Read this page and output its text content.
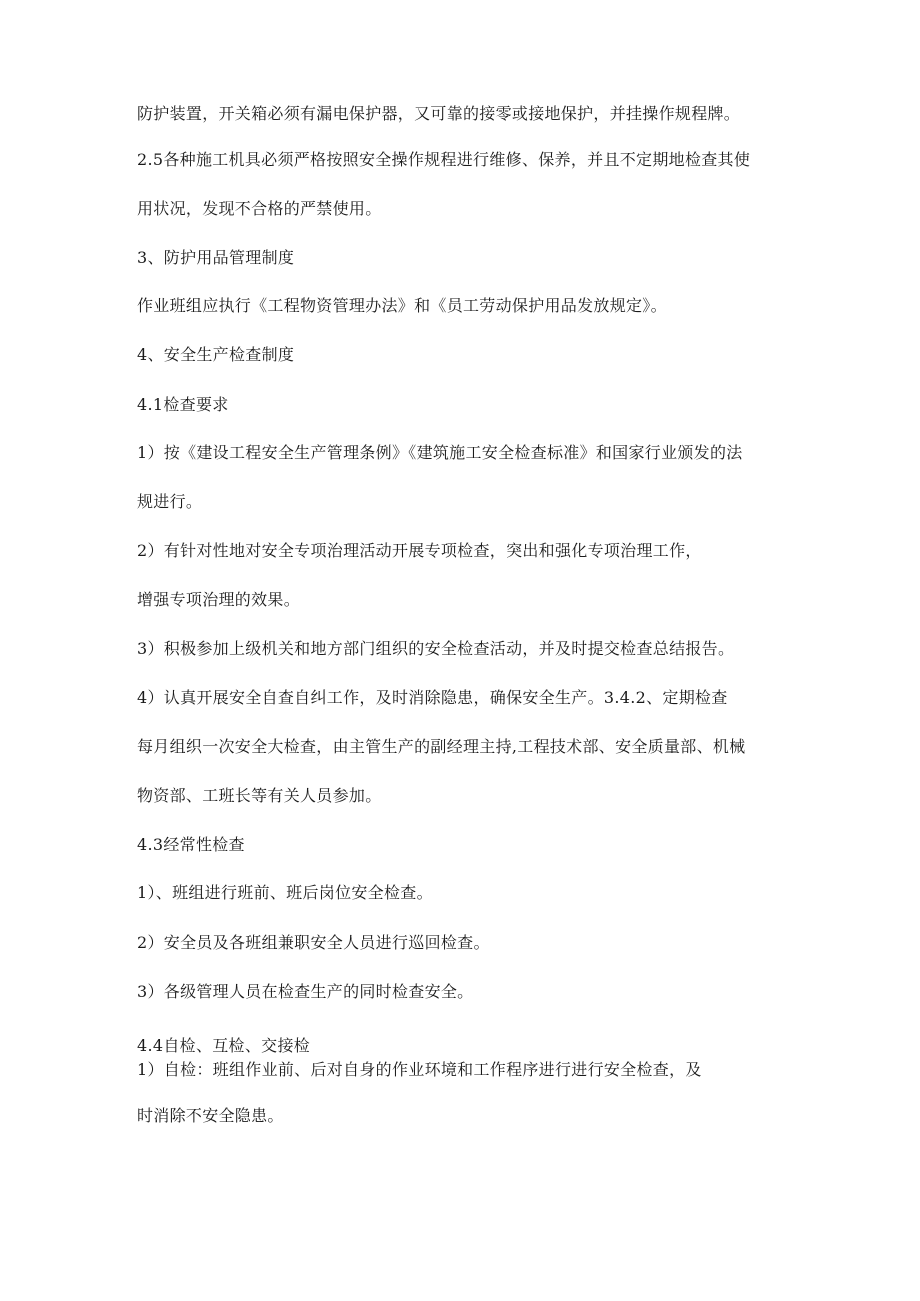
防护装置，开关箱必须有漏电保护器，又可靠的接零或接地保护，并挂操作规程牌。
2.5各种施工机具必须严格按照安全操作规程进行维修、保养，并且不定期地检查其使
用状况，发现不合格的严禁使用。
3、防护用品管理制度
作业班组应执行《工程物资管理办法》和《员工劳动保护用品发放规定》。
4、安全生产检查制度
4.1检查要求
1）按《建设工程安全生产管理条例》《建筑施工安全检查标准》和国家行业颁发的法
规进行。
2）有针对性地对安全专项治理活动开展专项检查，突出和强化专项治理工作，
增强专项治理的效果。
3）积极参加上级机关和地方部门组织的安全检查活动，并及时提交检查总结报告。
4）认真开展安全自查自纠工作，及时消除隐患，确保安全生产。3.4.2、定期检查
每月组织一次安全大检查，由主管生产的副经理主持,工程技术部、安全质量部、机械
物资部、工班长等有关人员参加。
4.3经常性检查
1）、班组进行班前、班后岗位安全检查。
2）安全员及各班组兼职安全人员进行巡回检查。
3）各级管理人员在检查生产的同时检查安全。
4.4自检、互检、交接检
1）自检：班组作业前、后对自身的作业环境和工作程序进行进行安全检查，及
时消除不安全隐患。
